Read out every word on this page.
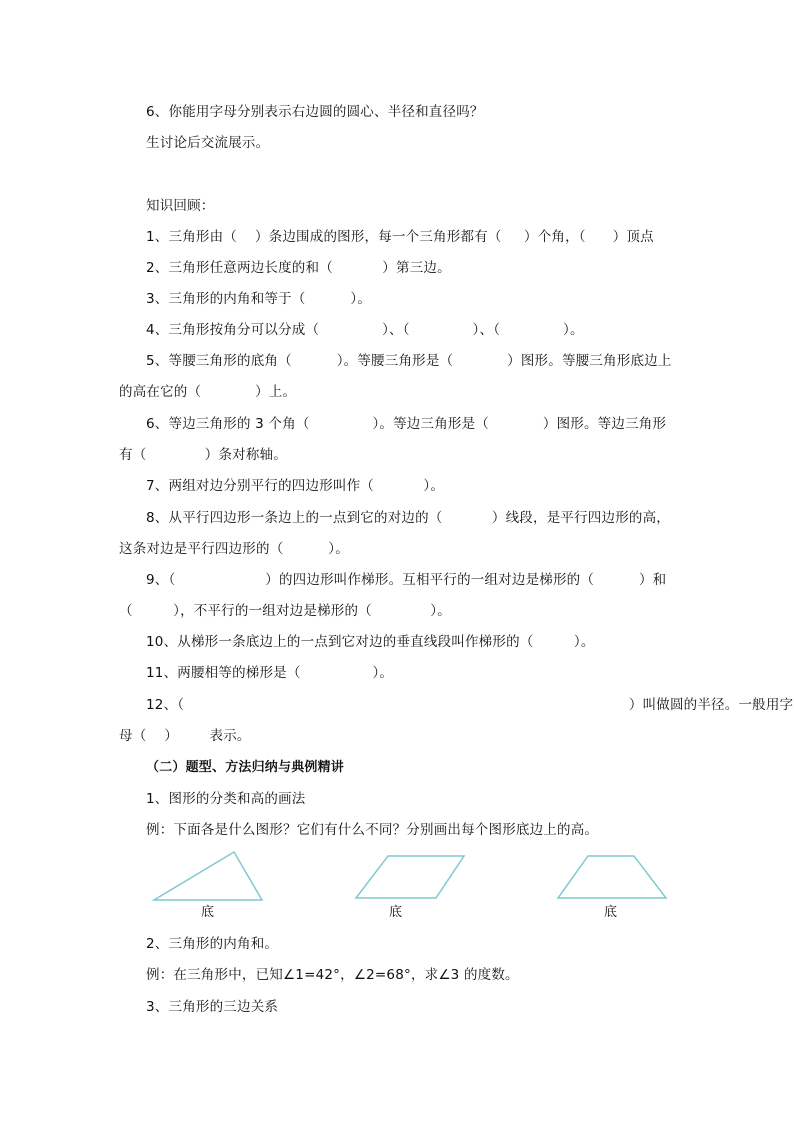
6、你能用字母分别表示右边圆的圆心、半径和直径吗？
生讨论后交流展示。
知识回顾：
1、三角形由（    ）条边围成的图形，每一个三角形都有（     ）个角，（      ）顶点
2、三角形任意两边长度的和（           ）第三边。
3、三角形的内角和等于（          ）。
4、三角形按角分可以分成（              ）、（              ）、（              ）。
5、等腰三角形的底角（          ）。等腰三角形是（            ）图形。等腰三角形底边上
的高在它的（            ）上。
6、等边三角形的 3 个角（              ）。等边三角形是（            ）图形。等边三角形
有（             ）条对称轴。
7、两组对边分别平行的四边形叫作（           ）。
8、从平行四边形一条边上的一点到它的对边的（           ）线段，是平行四边形的高，
这条对边是平行四边形的（          ）。
9、（                    ）的四边形叫作梯形。互相平行的一组对边是梯形的（          ）和
（         ），不平行的一组对边是梯形的（             ）。
10、从梯形一条底边上的一点到它对边的垂直线段叫作梯形的（         ）。
11、两腰相等的梯形是（                ）。
12、（                                                                                                   ）叫做圆的半径。一般用字
母（    ）       表示。
（二）题型、方法归纳与典例精讲
1、图形的分类和高的画法
例：下面各是什么图形？它们有什么不同？分别画出每个图形底边上的高。
底	底	底
2、三角形的内角和。
例：在三角形中，已知∠1=42°，∠2=68°，求∠3 的度数。
3、三角形的三边关系
